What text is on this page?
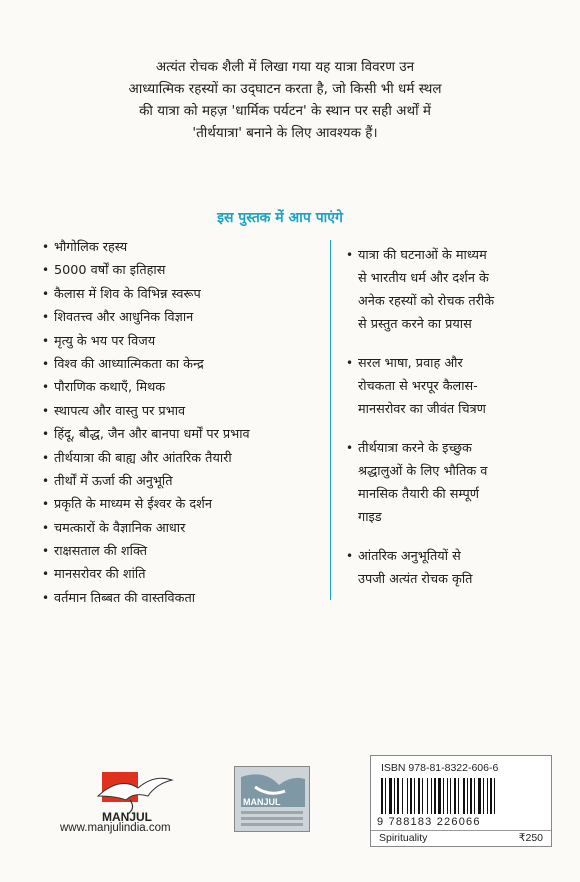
अत्यंत रोचक शैली में लिखा गया यह यात्रा विवरण उन

आध्यात्मिक रहस्यों का उद्‌घाटन करता है, जो किसी भी धर्म स्थल

की यात्रा को महज़ 'धार्मिक पर्यटन' के स्थान पर सही अर्थों में

'तीर्थयात्रा' बनाने के लिए आवश्यक हैं।

इस पुस्तक में आप पाएंगे
• भौगोलिक रहस्य
• 5000 वर्षों का इतिहास
• कैलास में शिव के विभिन्न स्वरूप
• शिवतत्त्व और आधुनिक विज्ञान
• मृत्यु के भय पर विजय
• विश्व की आध्यात्मिकता का केन्द्र
• पौराणिक कथाएँ, मिथक
• स्थापत्य और वास्तु पर प्रभाव
• हिंदू, बौद्ध, जैन और बानपा धर्मों पर प्रभाव
• तीर्थयात्रा की बाह्य और आंतरिक तैयारी
• तीर्थों में ऊर्जा की अनुभूति
• प्रकृति के माध्यम से ईश्वर के दर्शन
• चमत्कारों के वैज्ञानिक आधार
• राक्षसताल की शक्ति
• मानसरोवर की शांति
• वर्तमान तिब्बत की वास्तविकता
• यात्रा की घटनाओं के माध्यम

से भारतीय धर्म और दर्शन के

अनेक रहस्यों को रोचक तरीके

से प्रस्तुत करने का प्रयास

• सरल भाषा, प्रवाह और

रोचकता से भरपूर कैलास-

मानसरोवर का जीवंत चित्रण

• तीर्थयात्रा करने के इच्छुक

श्रद्धालुओं के लिए भौतिक व

मानसिक तैयारी की सम्पूर्ण

गाइड

• आंतरिक अनुभूतियों से

उपजी अत्यंत रोचक कृति

MANJUL
www.manjulindia.com
MANJUL
ISBN 978-81-8322-606-6
9 788183 226066
Spirituality	₹250
